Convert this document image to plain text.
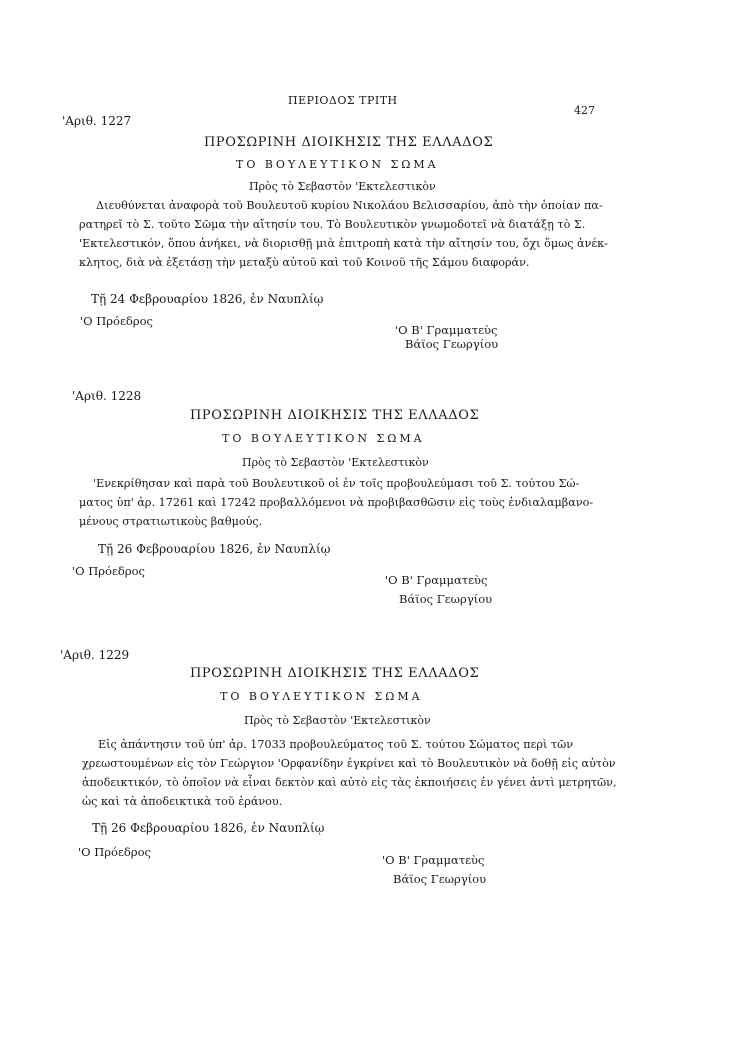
ΠΕΡΙΟΔΟΣ ΤΡΙΤΗ
427
'Αριθ. 1227
ΠΡΟΣΩΡΙΝΗ ΔΙΟΙΚΗΣΙΣ ΤΗΣ ΕΛΛΑΔΟΣ
ΤΟ ΒΟΥΛΕΥΤΙΚΟΝ ΣΩΜΑ
Πρὸς τὸ Σεβαστὸν 'Εκτελεστικὸν
Διευθύνεται ἀναφορὰ τοῦ Βουλευτοῦ κυρίου Νικολάου Βελισσαρίου, ἀπὸ τὴν ὁποίαν πα-
ρατηρεῖ τὸ Σ. τοῦτο Σῶμα τὴν αἴτησίν του. Τὸ Βουλευτικὸν γνωμοδοτεῖ νὰ διατάξῃ τὸ Σ.
'Εκτελεστικόν, ὅπου ἀνήκει, νὰ διορισθῇ μιὰ ἐπιτροπὴ κατὰ τὴν αἴτησίν του, ὄχι ὅμως ἀνέκ-
κλητος, διὰ νὰ ἐξετάσῃ τὴν μεταξὺ αὐτοῦ καὶ τοῦ Κοινοῦ τῆς Σάμου διαφοράν.
Τῇ 24 Φεβρουαρίου 1826, ἐν Ναυπλίῳ
'Ο Πρόεδρος
'Ο Β' Γραμματεὺς
Βάϊος Γεωργίου
'Αριθ. 1228
ΠΡΟΣΩΡΙΝΗ ΔΙΟΙΚΗΣΙΣ ΤΗΣ ΕΛΛΑΔΟΣ
ΤΟ ΒΟΥΛΕΥΤΙΚΟΝ ΣΩΜΑ
Πρὸς τὸ Σεβαστὸν 'Εκτελεστικὸν
'Ενεκρίθησαν καὶ παρὰ τοῦ Βουλευτικοῦ οἱ ἐν τοῖς προβουλεύμασι τοῦ Σ. τούτου Σώ-
ματος ὑπ' ἀρ. 17261 καὶ 17242 προβαλλόμενοι νὰ προβιβασθῶσιν εἰς τοὺς ἐνδιαλαμβανο-
μένους στρατιωτικοὺς βαθμούς.
Τῇ 26 Φεβρουαρίου 1826, ἐν Ναυπλίῳ
'Ο Πρόεδρος
'Ο Β' Γραμματεὺς
Βάϊος Γεωργίου
'Αριθ. 1229
ΠΡΟΣΩΡΙΝΗ ΔΙΟΙΚΗΣΙΣ ΤΗΣ ΕΛΛΑΔΟΣ
ΤΟ ΒΟΥΛΕΥΤΙΚΟΝ ΣΩΜΑ
Πρὸς τὸ Σεβαστὸν 'Εκτελεστικὸν
Εἰς ἀπάντησιν τοῦ ὑπ' ἀρ. 17033 προβουλεύματος τοῦ Σ. τούτου Σώματος περὶ τῶν
χρεωστουμένων εἰς τὸν Γεώργιον 'Ορφανίδην ἐγκρίνει καὶ τὸ Βουλευτικὸν νὰ δοθῇ εἰς αὐτὸν
ἀποδεικτικόν, τὸ ὁποῖον νὰ εἶναι δεκτὸν καὶ αὐτὸ εἰς τὰς ἐκποιήσεις ἐν γένει ἀντὶ μετρητῶν,
ὡς καὶ τὰ ἀποδεικτικὰ τοῦ ἐράνου.
Τῇ 26 Φεβρουαρίου 1826, ἐν Ναυπλίῳ
'Ο Πρόεδρος
'Ο Β' Γραμματεὺς
Βάϊος Γεωργίου
